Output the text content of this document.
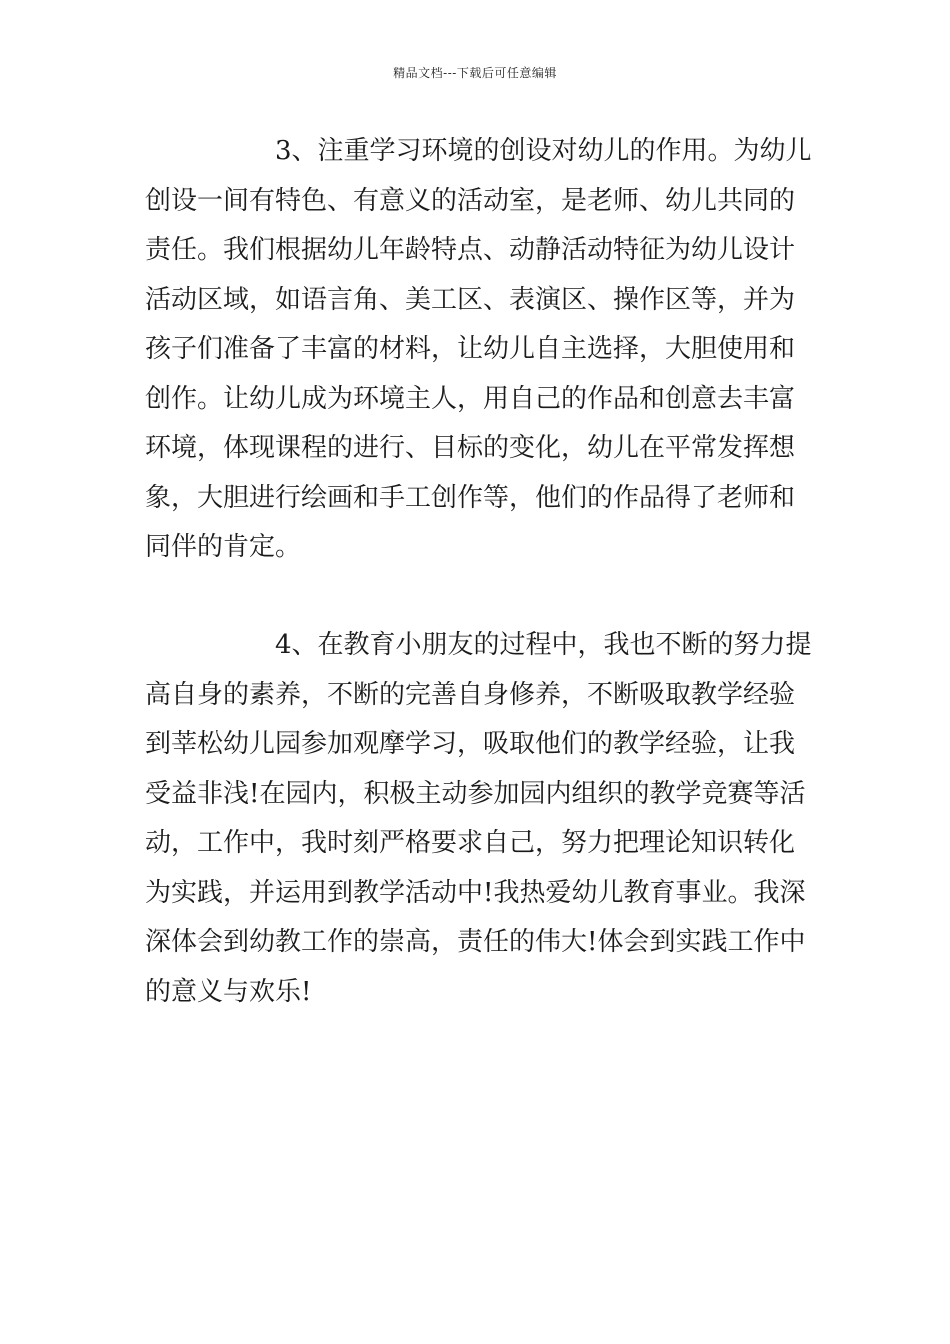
精品文档---下载后可任意编辑
3、注重学习环境的创设对幼儿的作用。为幼儿
创设一间有特色、有意义的活动室，是老师、幼儿共同的
责任。我们根据幼儿年龄特点、动静活动特征为幼儿设计
活动区域，如语言角、美工区、表演区、操作区等，并为
孩子们准备了丰富的材料，让幼儿自主选择，大胆使用和
创作。让幼儿成为环境主人，用自己的作品和创意去丰富
环境，体现课程的进行、目标的变化，幼儿在平常发挥想
象，大胆进行绘画和手工创作等，他们的作品得了老师和
同伴的肯定。
4、在教育小朋友的过程中，我也不断的努力提
高自身的素养，不断的完善自身修养，不断吸取教学经验
到莘松幼儿园参加观摩学习，吸取他们的教学经验，让我
受益非浅!在园内，积极主动参加园内组织的教学竞赛等活
动，工作中，我时刻严格要求自己，努力把理论知识转化
为实践，并运用到教学活动中!我热爱幼儿教育事业。我深
深体会到幼教工作的崇高，责任的伟大!体会到实践工作中
的意义与欢乐!
